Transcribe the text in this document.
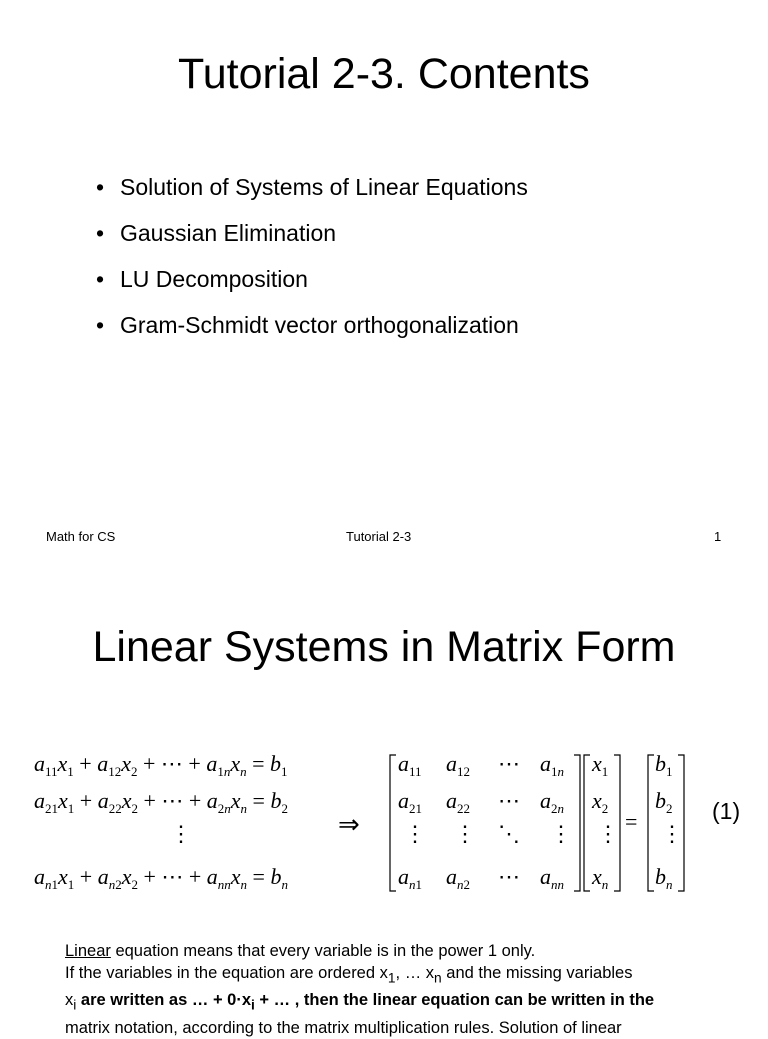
Tutorial 2-3. Contents
• Solution of Systems of Linear Equations
• Gaussian Elimination
• LU Decomposition
• Gram-Schmidt vector orthogonalization
Math for CS	Tutorial 2-3	1
Linear Systems in Matrix Form
$a_{11}x_1 + a_{12}x_2$ + ⋯ + $a_1nx_n = b_1$
$a_{21}x_1 + a_{22}x_2$ + ⋯ + $a_2nx_n = b_2$
⋮
$a_n1x_1 + a_n2x_2$ + ⋯ + $a_{nn}x_n = b_n$
⇒
$a_{11}$ $a_{12}$ ⋯ $a_1n$
$a_{21}$ $a_{22}$ ⋯ $a_2n$
⋮ ⋮ ⋱ ⋮
$a_n1$ $a_n2$ ⋯ $a_{nn}$
$x_1$
$x_2$
⋮
$x_n$
=
$b_1$
$b_2$
⋮
$b_n$
(1)
Linear equation means that every variable is in the power 1 only.
If the variables in the equation are ordered $x_1$, … $x_n$ and the missing variables
$x_i$ are written as … + $0\cdot x_i$ + … , then the linear equation can be written in the
matrix notation, according to the matrix multiplication rules. Solution of linear
